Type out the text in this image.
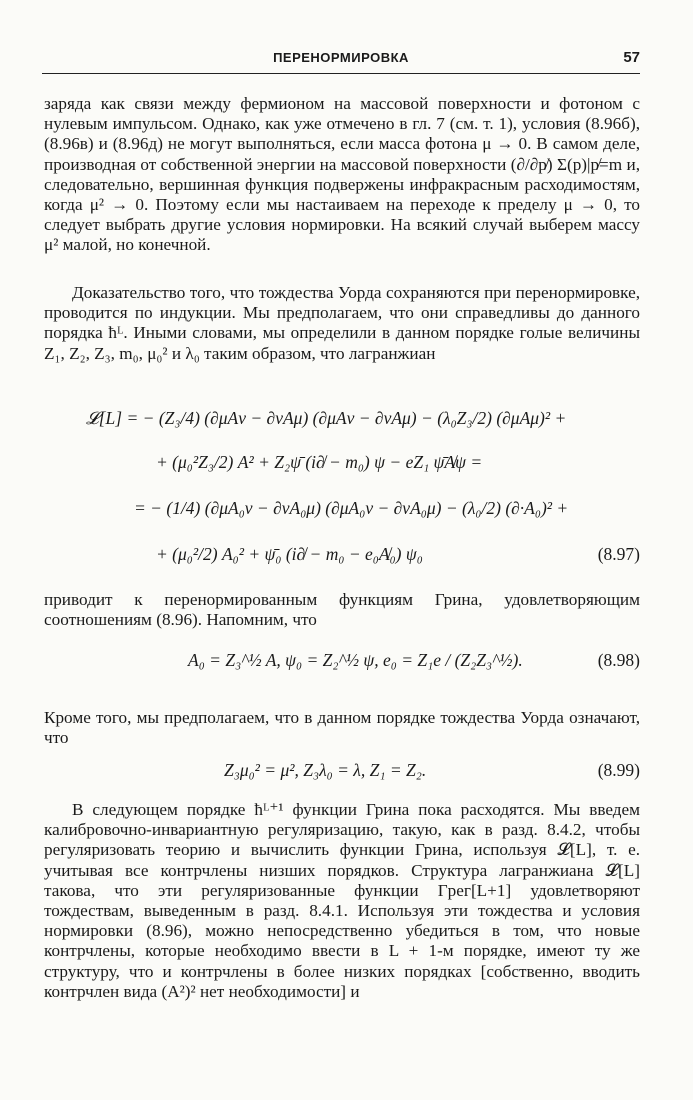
ПЕРЕНОРМИРОВКА	57

заряда как связи между фермионом на массовой поверхности и фотоном с нулевым импульсом. Однако, как уже отмечено в гл. 7 (см. т. 1), условия (8.96б), (8.96в) и (8.96д) не могут выполняться, если масса фотона μ → 0. В самом деле, производная от собственной энергии на массовой поверхности (∂/∂p̸) Σ(p)|p̸=m и, следовательно, вершинная функция подвержены инфракрасным расходимостям, когда μ² → 0. Поэтому если мы настаиваем на переходе к пределу μ → 0, то следует выбрать другие условия нормировки. На всякий случай выберем массу μ² малой, но конечной.

Доказательство того, что тождества Уорда сохраняются при перенормировке, проводится по индукции. Мы предполагаем, что они справедливы до данного порядка ħᴸ. Иными словами, мы определили в данном порядке голые величины Z₁, Z₂, Z₃, m₀, μ₀² и λ₀ таким образом, что лагранжиан

𝓛[L] = − (Z₃/4) (∂μAν − ∂νAμ) (∂μAν − ∂νAμ) − (λ₀Z₃/2) (∂μAμ)² +
+ (μ₀²Z₃/2) A² + Z₂ψ̄ (i∂̸ − m₀) ψ − eZ₁ ψ̄A̸ψ =
= − (1/4) (∂μA₀ν − ∂νA₀μ) (∂μA₀ν − ∂νA₀μ) − (λ₀/2) (∂·A₀)² +
+ (μ₀²/2) A₀² + ψ̄₀ (i∂̸ − m₀ − e₀A̸₀) ψ₀	(8.97)

приводит к перенормированным функциям Грина, удовлетворяющим соотношениям (8.96). Напомним, что

A₀ = Z₃^½ A, ψ₀ = Z₂^½ ψ, e₀ = Z₁e / (Z₂Z₃^½).	(8.98)

Кроме того, мы предполагаем, что в данном порядке тождества Уорда означают, что

Z₃μ₀² = μ², Z₃λ₀ = λ, Z₁ = Z₂.	(8.99)

В следующем порядке ħᴸ⁺¹ функции Грина пока расходятся. Мы введем калибровочно-инвариантную регуляризацию, такую, как в разд. 8.4.2, чтобы регуляризовать теорию и вычислить функции Грина, используя 𝓛[L], т. е. учитывая все контрчлены низших порядков. Структура лагранжиана 𝓛[L] такова, что эти регуляризованные функции Γрег[L+1] удовлетворяют тождествам, выведенным в разд. 8.4.1. Используя эти тождества и условия нормировки (8.96), можно непосредственно убедиться в том, что новые контрчлены, которые необходимо ввести в L + 1-м порядке, имеют ту же структуру, что и контрчлены в более низких порядках [собственно, вводить контрчлен вида (A²)² нет необходимости] и
